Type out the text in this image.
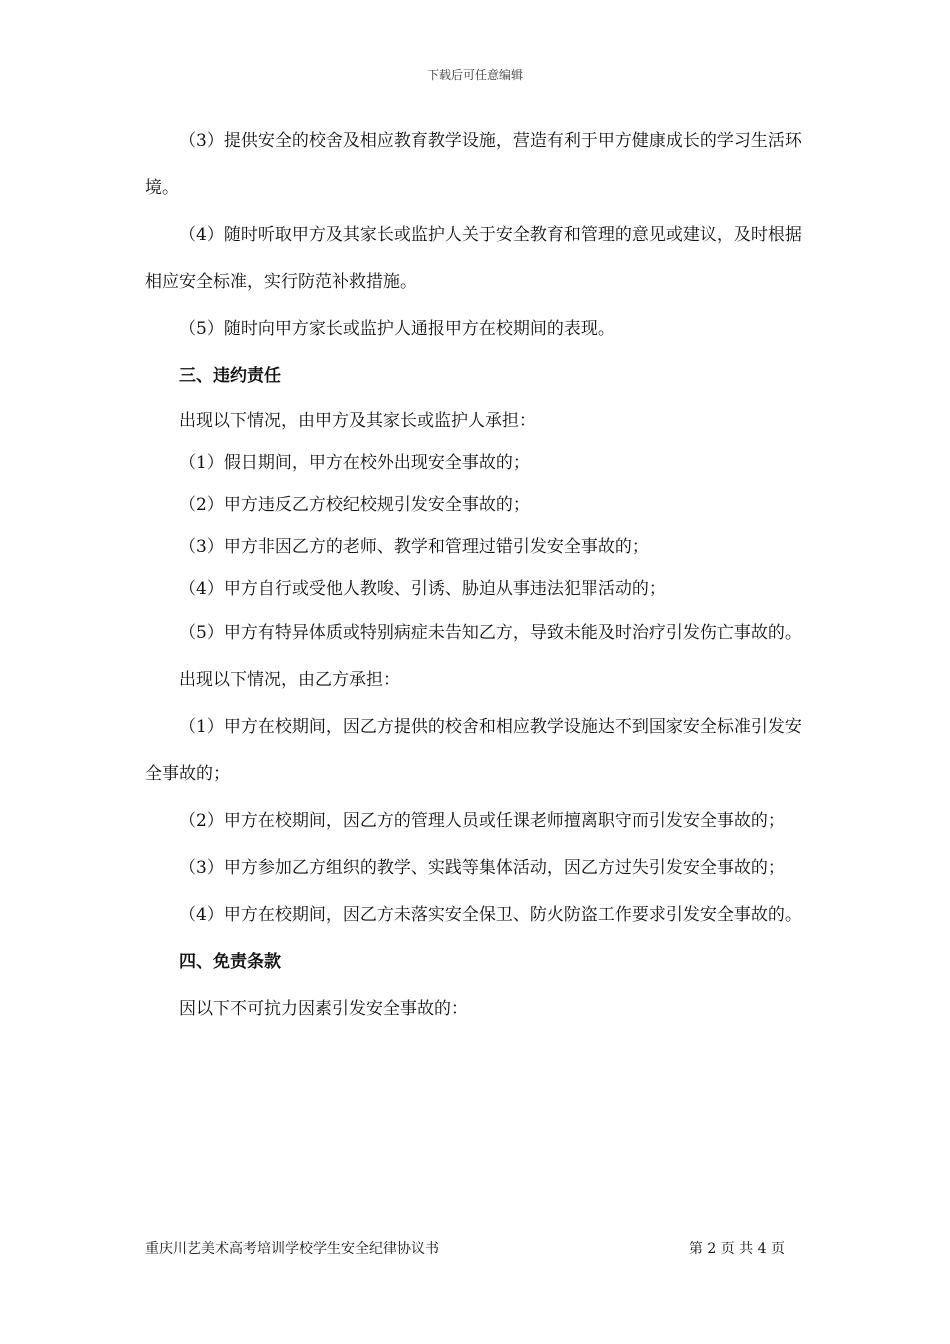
下载后可任意编辑

（3）提供安全的校舍及相应教育教学设施，营造有利于甲方健康成长的学习生活环境。

（4）随时听取甲方及其家长或监护人关于安全教育和管理的意见或建议，及时根据相应安全标准，实行防范补救措施。

（5）随时向甲方家长或监护人通报甲方在校期间的表现。

三、违约责任

出现以下情况，由甲方及其家长或监护人承担：

（1）假日期间，甲方在校外出现安全事故的；

（2）甲方违反乙方校纪校规引发安全事故的；

（3）甲方非因乙方的老师、教学和管理过错引发安全事故的；

（4）甲方自行或受他人教唆、引诱、胁迫从事违法犯罪活动的；

（5）甲方有特异体质或特别病症未告知乙方，导致未能及时治疗引发伤亡事故的。

出现以下情况，由乙方承担：

（1）甲方在校期间，因乙方提供的校舍和相应教学设施达不到国家安全标准引发安全事故的；

（2）甲方在校期间，因乙方的管理人员或任课老师擅离职守而引发安全事故的；

（3）甲方参加乙方组织的教学、实践等集体活动，因乙方过失引发安全事故的；

（4）甲方在校期间，因乙方未落实安全保卫、防火防盗工作要求引发安全事故的。

四、免责条款

因以下不可抗力因素引发安全事故的：

重庆川艺美术高考培训学校学生安全纪律协议书	第 2 页 共 4 页
